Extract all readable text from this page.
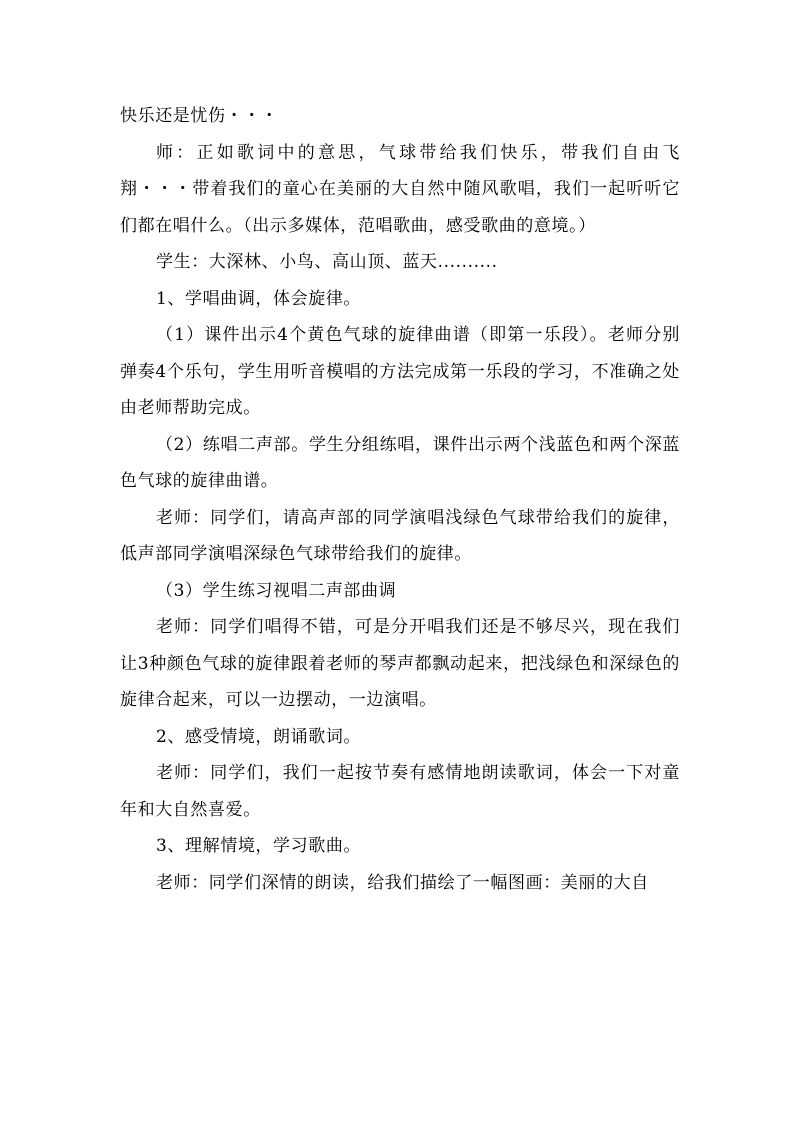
快乐还是忧伤・・・

师：正如歌词中的意思，气球带给我们快乐，带我们自由飞翔・・・带着我们的童心在美丽的大自然中随风歌唱，我们一起听听它们都在唱什么。（出示多媒体，范唱歌曲，感受歌曲的意境。）

学生：大深林、小鸟、高山顶、蓝天..........

1、学唱曲调，体会旋律。

（1）课件出示4个黄色气球的旋律曲谱（即第一乐段）。老师分别弹奏4个乐句，学生用听音模唱的方法完成第一乐段的学习，不准确之处由老师帮助完成。

（2）练唱二声部。学生分组练唱，课件出示两个浅蓝色和两个深蓝色气球的旋律曲谱。

老师：同学们，请高声部的同学演唱浅绿色气球带给我们的旋律，低声部同学演唱深绿色气球带给我们的旋律。

（3）学生练习视唱二声部曲调

老师：同学们唱得不错，可是分开唱我们还是不够尽兴，现在我们让3种颜色气球的旋律跟着老师的琴声都飘动起来，把浅绿色和深绿色的旋律合起来，可以一边摆动，一边演唱。

2、感受情境，朗诵歌词。

老师：同学们，我们一起按节奏有感情地朗读歌词，体会一下对童年和大自然喜爱。

3、理解情境，学习歌曲。

老师：同学们深情的朗读，给我们描绘了一幅图画：美丽的大自
